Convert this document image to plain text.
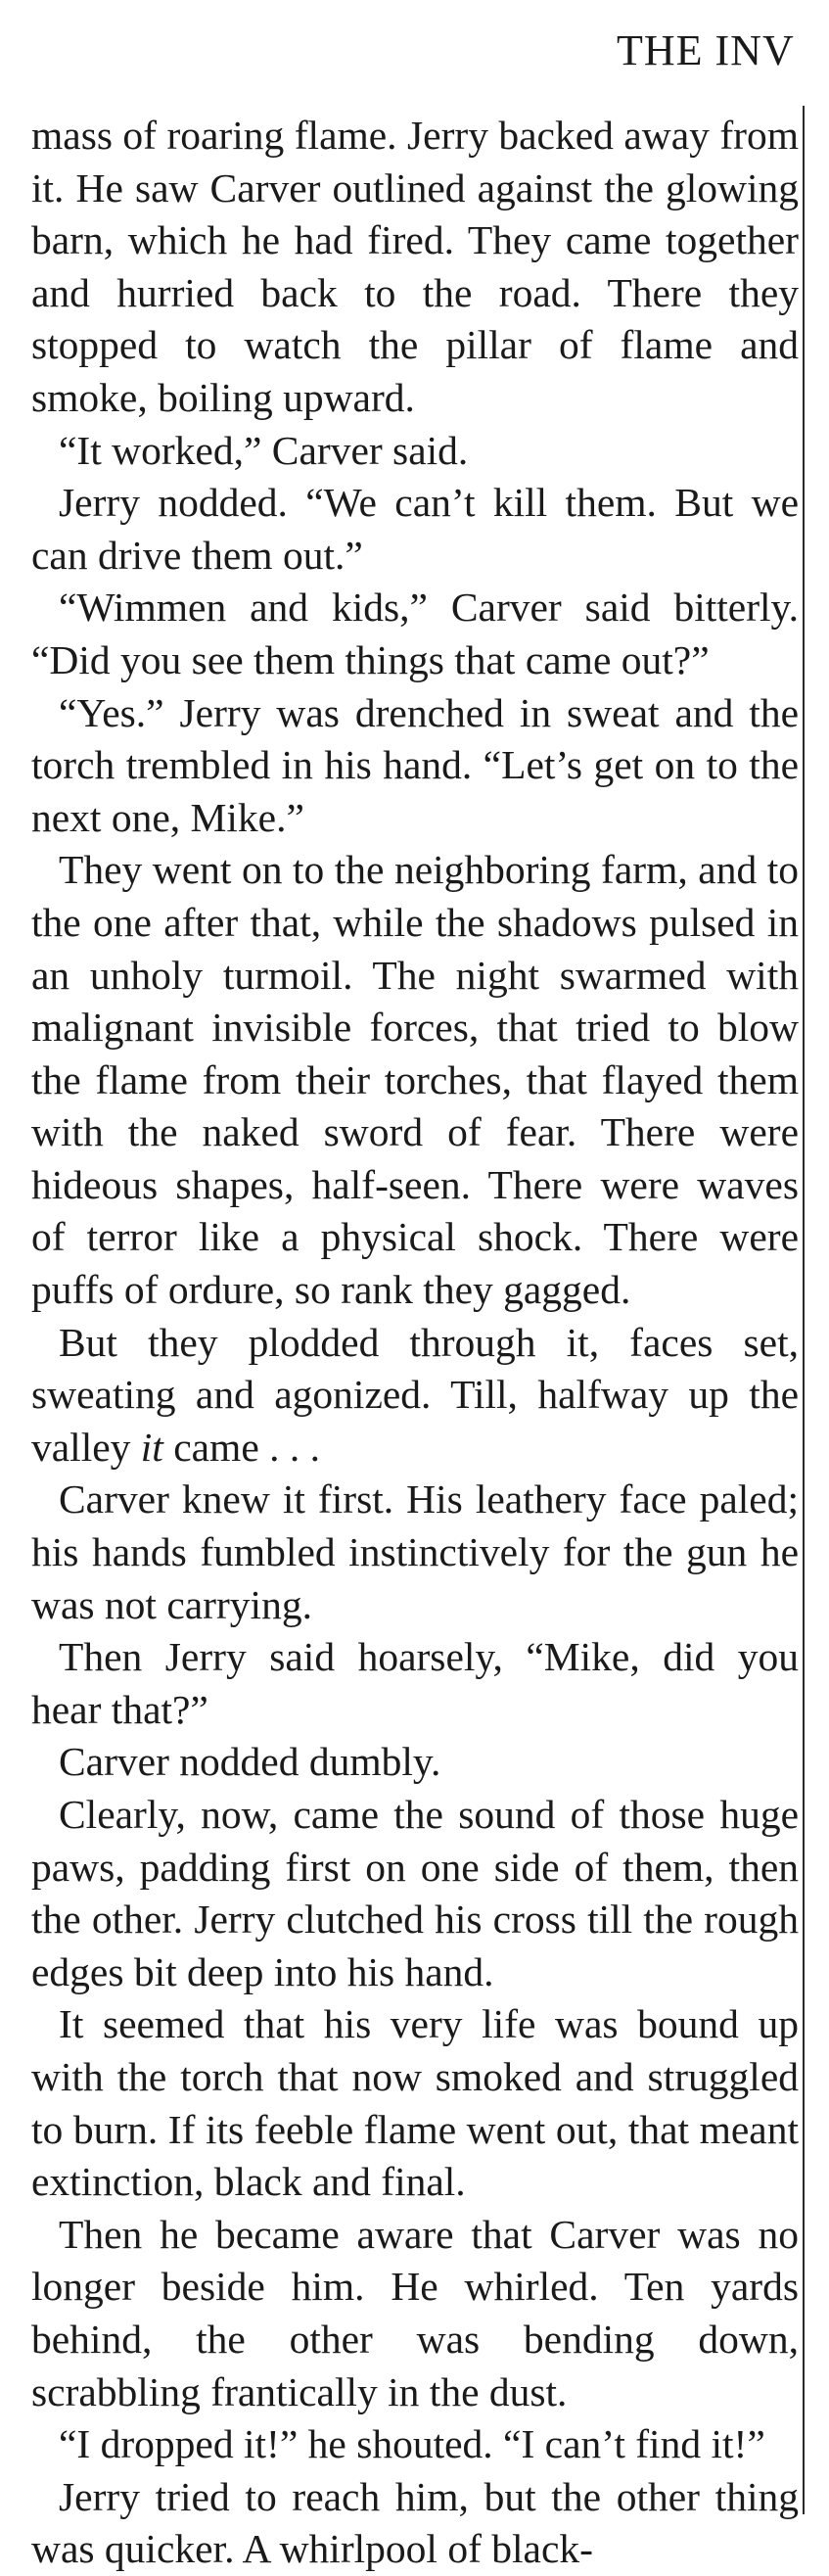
THE INV

mass of roaring flame. Jerry backed away from it. He saw Carver outlined against the glowing barn, which he had fired. They came together and hurried back to the road. There they stopped to watch the pillar of flame and smoke, boiling upward.

“It worked,” Carver said.

Jerry nodded. “We can’t kill them. But we can drive them out.”

“Wimmen and kids,” Carver said bitterly. “Did you see them things that came out?”

“Yes.” Jerry was drenched in sweat and the torch trembled in his hand. “Let’s get on to the next one, Mike.”

They went on to the neighboring farm, and to the one after that, while the shadows pulsed in an unholy turmoil. The night swarmed with malignant invisible forces, that tried to blow the flame from their torches, that flayed them with the naked sword of fear. There were hideous shapes, half-seen. There were waves of terror like a physical shock. There were puffs of ordure, so rank they gagged.

But they plodded through it, faces set, sweating and agonized. Till, halfway up the valley it came . . .

Carver knew it first. His leathery face paled; his hands fumbled instinctively for the gun he was not carrying.

Then Jerry said hoarsely, “Mike, did you hear that?”

Carver nodded dumbly.

Clearly, now, came the sound of those huge paws, padding first on one side of them, then the other. Jerry clutched his cross till the rough edges bit deep into his hand.

It seemed that his very life was bound up with the torch that now smoked and struggled to burn. If its feeble flame went out, that meant extinction, black and final.

Then he became aware that Carver was no longer beside him. He whirled. Ten yards behind, the other was bending down, scrabbling frantically in the dust.

“I dropped it!” he shouted. “I can’t find it!”

Jerry tried to reach him, but the other thing was quicker. A whirlpool of black-
